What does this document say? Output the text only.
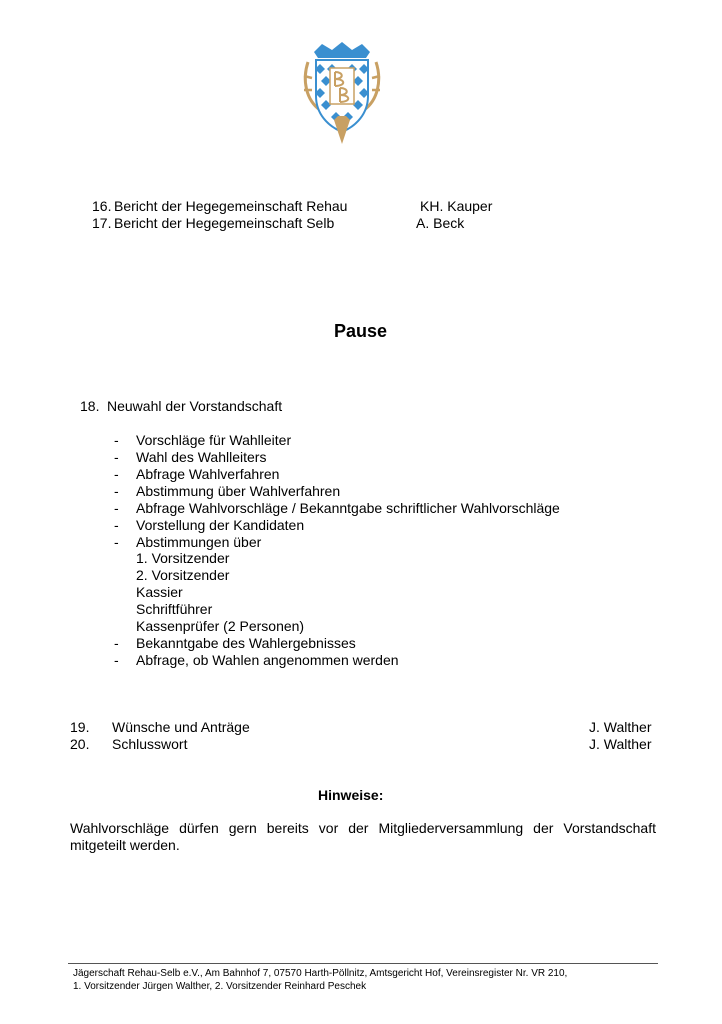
16. Bericht der Hegegemeinschaft Rehau	KH. Kauper
17. Bericht der Hegegemeinschaft Selb	A. Beck
Pause
18. Neuwahl der Vorstandschaft
- Vorschläge für Wahlleiter
- Wahl des Wahlleiters
- Abfrage Wahlverfahren
- Abstimmung über Wahlverfahren
- Abfrage Wahlvorschläge / Bekanntgabe schriftlicher Wahlvorschläge
- Vorstellung der Kandidaten
- Abstimmungen über
1. Vorsitzender
2. Vorsitzender
Kassier
Schriftführer
Kassenprüfer (2 Personen)
- Bekanntgabe des Wahlergebnisses
- Abfrage, ob Wahlen angenommen werden
19. Wünsche und Anträge	J. Walther
20. Schlusswort	J. Walther
Hinweise:
Wahlvorschläge dürfen gern bereits vor der Mitgliederversammlung der Vorstandschaft mitgeteilt werden.
Jägerschaft Rehau-Selb e.V., Am Bahnhof 7, 07570 Harth-Pöllnitz, Amtsgericht Hof, Vereinsregister Nr. VR 210,
1. Vorsitzender Jürgen Walther, 2. Vorsitzender Reinhard Peschek
